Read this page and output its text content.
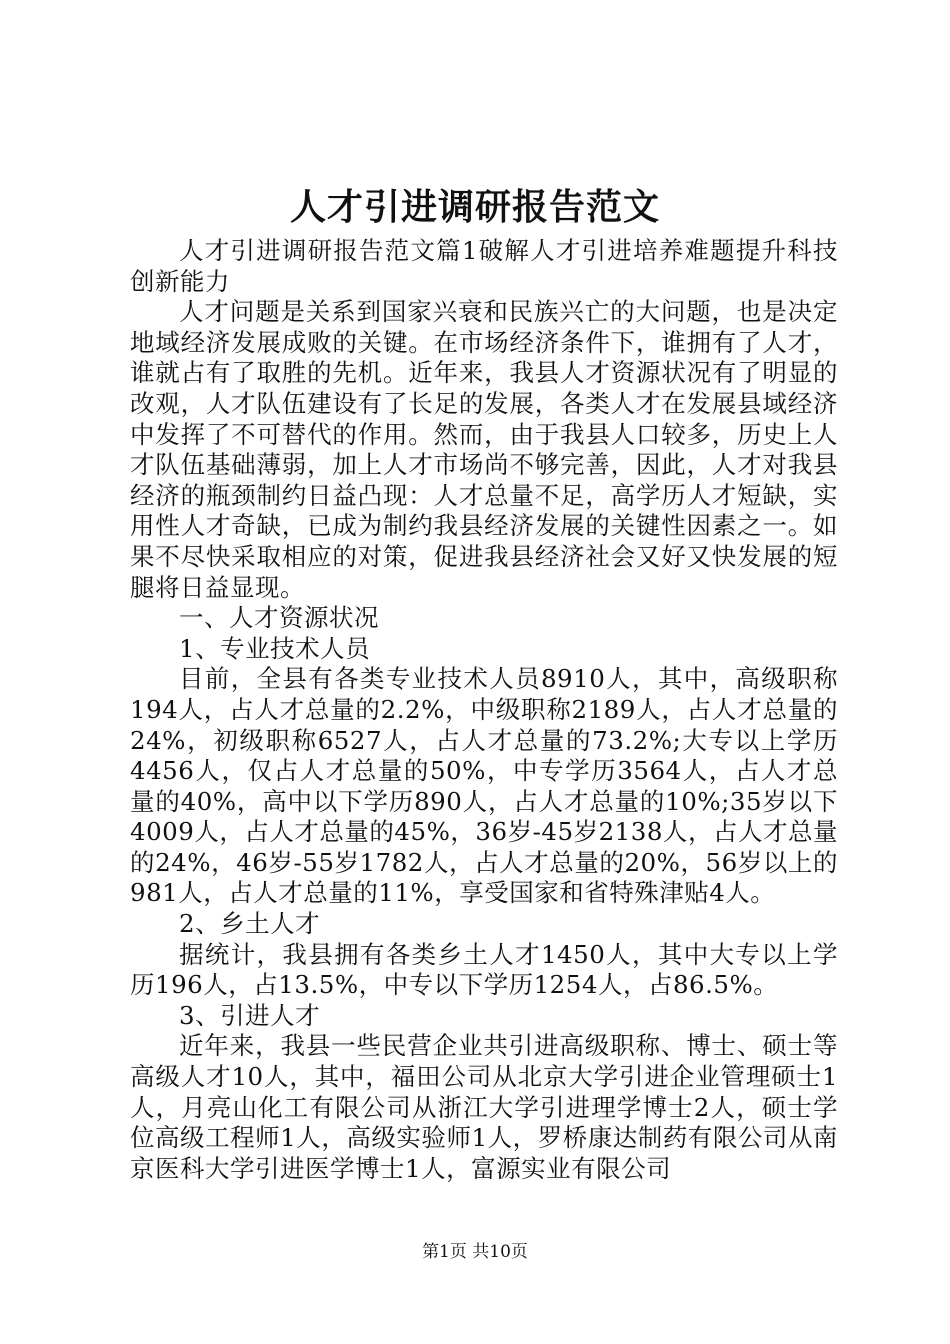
人才引进调研报告范文

人才引进调研报告范文篇1破解人才引进培养难题提升科技创新能力

人才问题是关系到国家兴衰和民族兴亡的大问题，也是决定地域经济发展成败的关键。在市场经济条件下，谁拥有了人才，谁就占有了取胜的先机。近年来，我县人才资源状况有了明显的改观，人才队伍建设有了长足的发展，各类人才在发展县域经济中发挥了不可替代的作用。然而，由于我县人口较多，历史上人才队伍基础薄弱，加上人才市场尚不够完善，因此，人才对我县经济的瓶颈制约日益凸现：人才总量不足，高学历人才短缺，实用性人才奇缺，已成为制约我县经济发展的关键性因素之一。如果不尽快采取相应的对策，促进我县经济社会又好又快发展的短腿将日益显现。

一、人才资源状况

1、专业技术人员

目前，全县有各类专业技术人员8910人，其中，高级职称194人，占人才总量的2.2%，中级职称2189人，占人才总量的24%，初级职称6527人，占人才总量的73.2%;大专以上学历4456人，仅占人才总量的50%，中专学历3564人，占人才总量的40%，高中以下学历890人，占人才总量的10%;35岁以下4009人，占人才总量的45%，36岁-45岁2138人，占人才总量的24%，46岁-55岁1782人，占人才总量的20%，56岁以上的981人，占人才总量的11%，享受国家和省特殊津贴4人。

2、乡土人才

据统计，我县拥有各类乡土人才1450人，其中大专以上学历196人，占13.5%，中专以下学历1254人，占86.5%。

3、引进人才

近年来，我县一些民营企业共引进高级职称、博士、硕士等高级人才10人，其中，福田公司从北京大学引进企业管理硕士1人，月亮山化工有限公司从浙江大学引进理学博士2人，硕士学位高级工程师1人，高级实验师1人，罗桥康达制药有限公司从南京医科大学引进医学博士1人，富源实业有限公司

第1页 共10页
